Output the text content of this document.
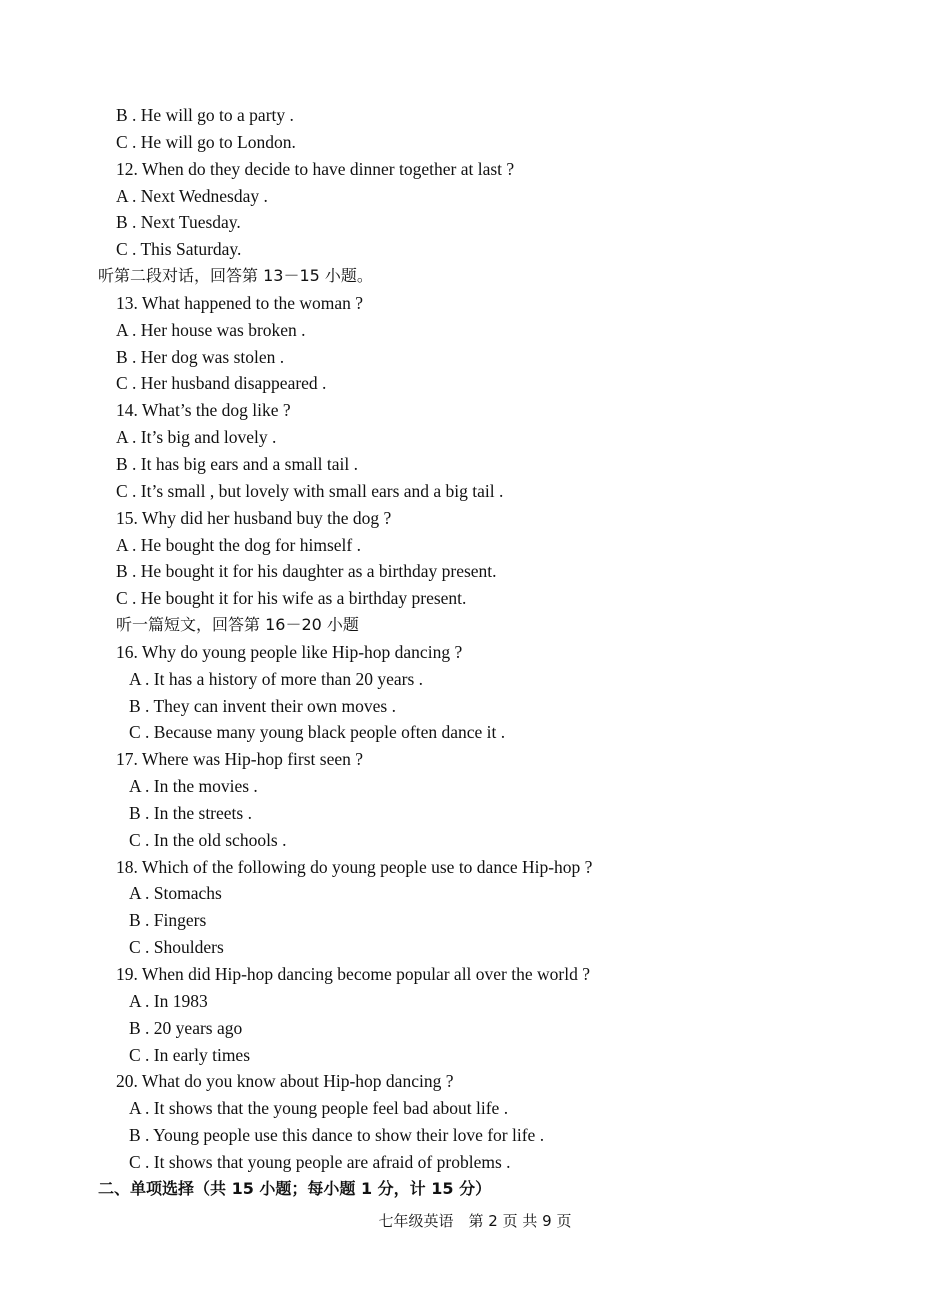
B . He will go to a party .
C . He will go to London.
12. When do they decide to have dinner together at last ?
A . Next Wednesday .
B . Next Tuesday.
C . This Saturday.
听第二段对话，回答第 13－15 小题。
13. What happened to the woman ?
A . Her house was broken .
B . Her dog was stolen .
C . Her husband disappeared .
14. What’s the dog like ?
A . It’s big and lovely .
B . It has big ears and a small tail .
C . It’s small , but lovely with small ears and a big tail .
15. Why did her husband buy the dog ?
A . He bought the dog for himself .
B . He bought it for his daughter as a birthday present.
C . He bought it for his wife as a birthday present.
听一篇短文，回答第 16－20 小题
16. Why do young people like Hip-hop dancing ?
A . It has a history of more than 20 years .
B . They can invent their own moves .
C . Because many young black people often dance it .
17. Where was Hip-hop first seen ?
A . In the movies .
B . In the streets .
C . In the old schools .
18. Which of the following do young people use to dance Hip-hop ?
A . Stomachs
B . Fingers
C . Shoulders
19. When did Hip-hop dancing become popular all over the world ?
A . In 1983
B . 20 years ago
C . In early times
20. What do you know about Hip-hop dancing ?
A . It shows that the young people feel bad about life .
B . Young people use this dance to show their love for life .
C . It shows that young people are afraid of problems .
二、单项选择（共 15 小题；每小题 1 分，计 15 分）
七年级英语　第 2 页 共 9 页
